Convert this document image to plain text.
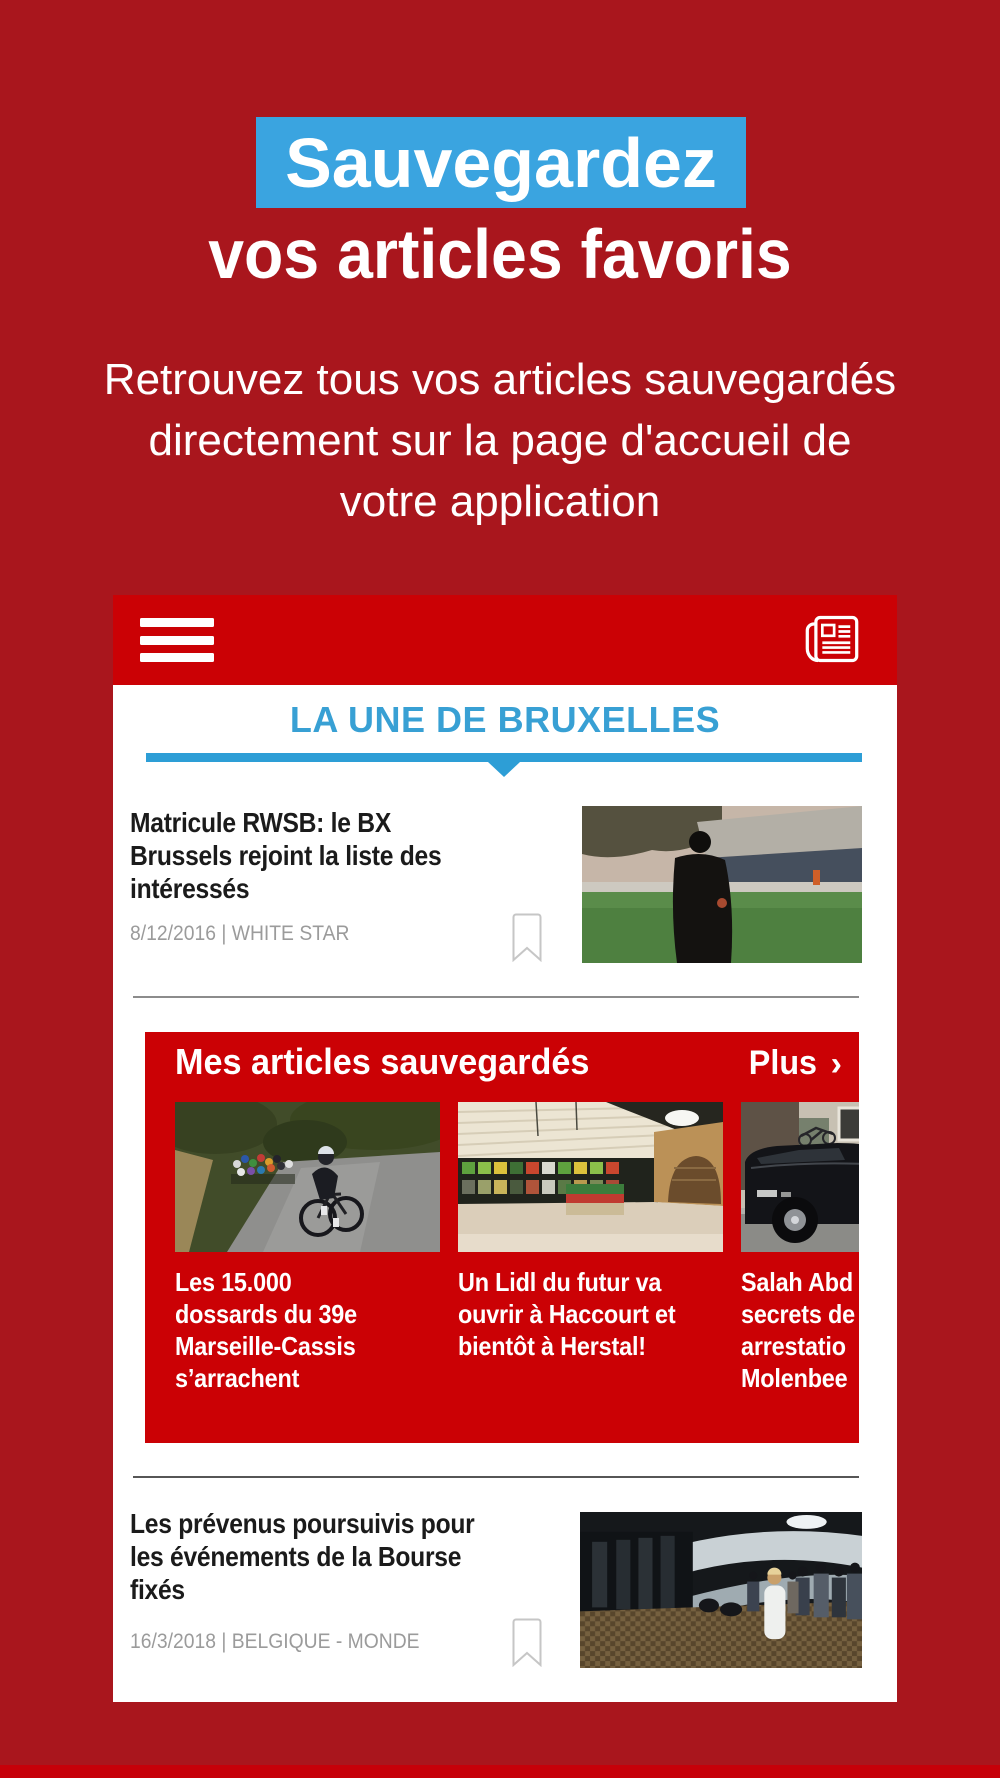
Sauvegardez
vos articles favoris
Retrouvez tous vos articles sauvegardés
directement sur la page d'accueil de
votre application
LA UNE DE BRUXELLES
Matricule RWSB: le BX
Brussels rejoint la liste des
intéressés
8/12/2016 | WHITE STAR
Mes articles sauvegardés	Plus ›
Les 15.000
dossards du 39e
Marseille-Cassis
s’arrachent
Un Lidl du futur va
ouvrir à Haccourt et
bientôt à Herstal!
Salah Abd
secrets de
arrestatio
Molenbee
Les prévenus poursuivis pour
les événements de la Bourse
fixés
16/3/2018 | BELGIQUE - MONDE
